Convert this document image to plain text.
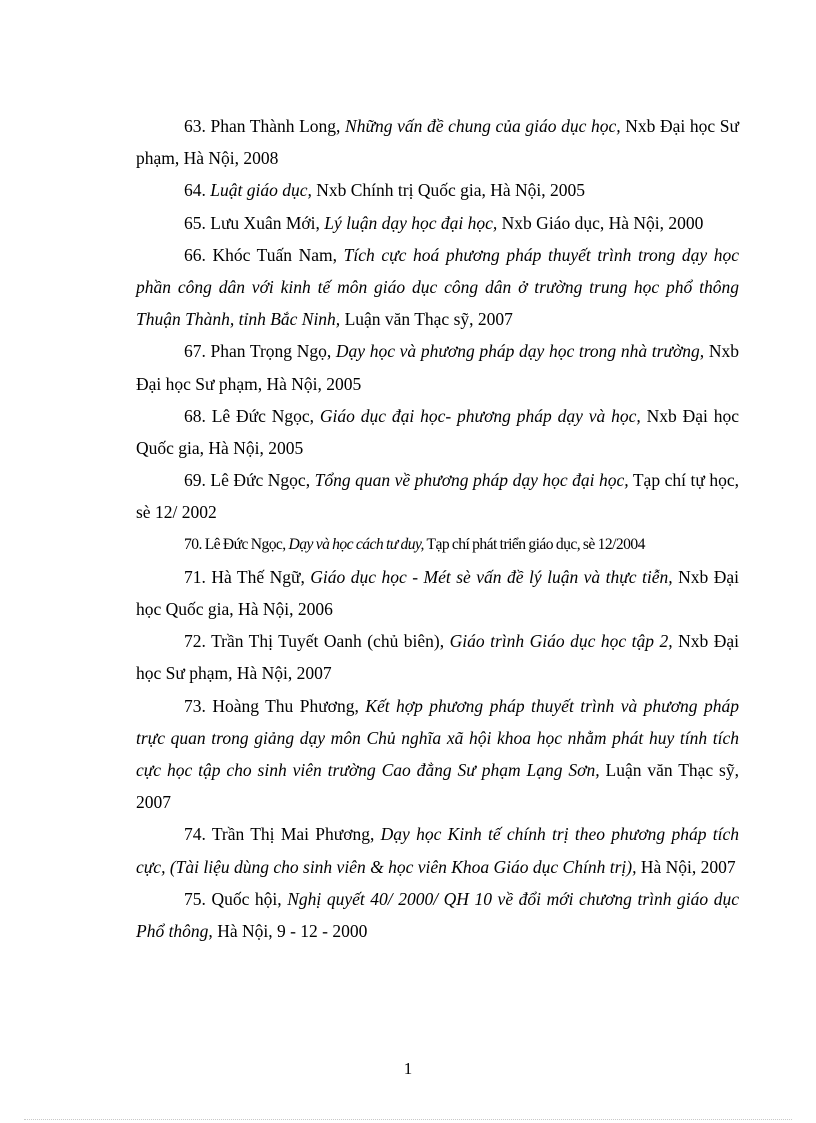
63. Phan Thành Long, Những vấn đề chung của giáo dục học, Nxb Đại học Sư phạm, Hà Nội, 2008

64. Luật giáo dục, Nxb Chính trị Quốc gia, Hà Nội, 2005

65. Lưu Xuân Mới, Lý luận dạy học đại học, Nxb Giáo dục, Hà Nội, 2000

66. Khóc Tuấn Nam, Tích cực hoá phương pháp thuyết trình trong dạy học phần công dân với kinh tế môn giáo dục công dân ở trường trung học phổ thông Thuận Thành, tỉnh Bắc Ninh, Luận văn Thạc sỹ, 2007

67. Phan Trọng Ngọ, Dạy học và phương pháp dạy học trong nhà trường, Nxb Đại học Sư phạm, Hà Nội, 2005

68. Lê Đức Ngọc, Giáo dục đại học- phương pháp dạy và học, Nxb Đại học Quốc gia, Hà Nội, 2005

69. Lê Đức Ngọc, Tổng quan về phương pháp dạy học đại học, Tạp chí tự học, sè 12/ 2002

70. Lê Đức Ngọc, Dạy và học cách tư duy, Tạp chí phát triển giáo dục, sè 12/2004

71. Hà Thế Ngữ, Giáo dục học - Mét sè vấn đề lý luận và thực tiễn, Nxb Đại học Quốc gia, Hà Nội, 2006

72. Trần Thị Tuyết Oanh (chủ biên), Giáo trình Giáo dục học tập 2, Nxb Đại học Sư phạm, Hà Nội, 2007

73. Hoàng Thu Phương, Kết hợp phương pháp thuyết trình và phương pháp trực quan trong giảng dạy môn Chủ nghĩa xã hội khoa học nhằm phát huy tính tích cực học tập cho sinh viên trường Cao đẳng Sư phạm Lạng Sơn, Luận văn Thạc sỹ, 2007

74. Trần Thị Mai Phương, Dạy học Kinh tế chính trị theo phương pháp tích cực, (Tài liệu dùng cho sinh viên & học viên Khoa Giáo dục Chính trị), Hà Nội, 2007

75. Quốc hội, Nghị quyết 40/ 2000/ QH 10 về đổi mới chương trình giáo dục Phổ thông, Hà Nội, 9 - 12 - 2000

1
